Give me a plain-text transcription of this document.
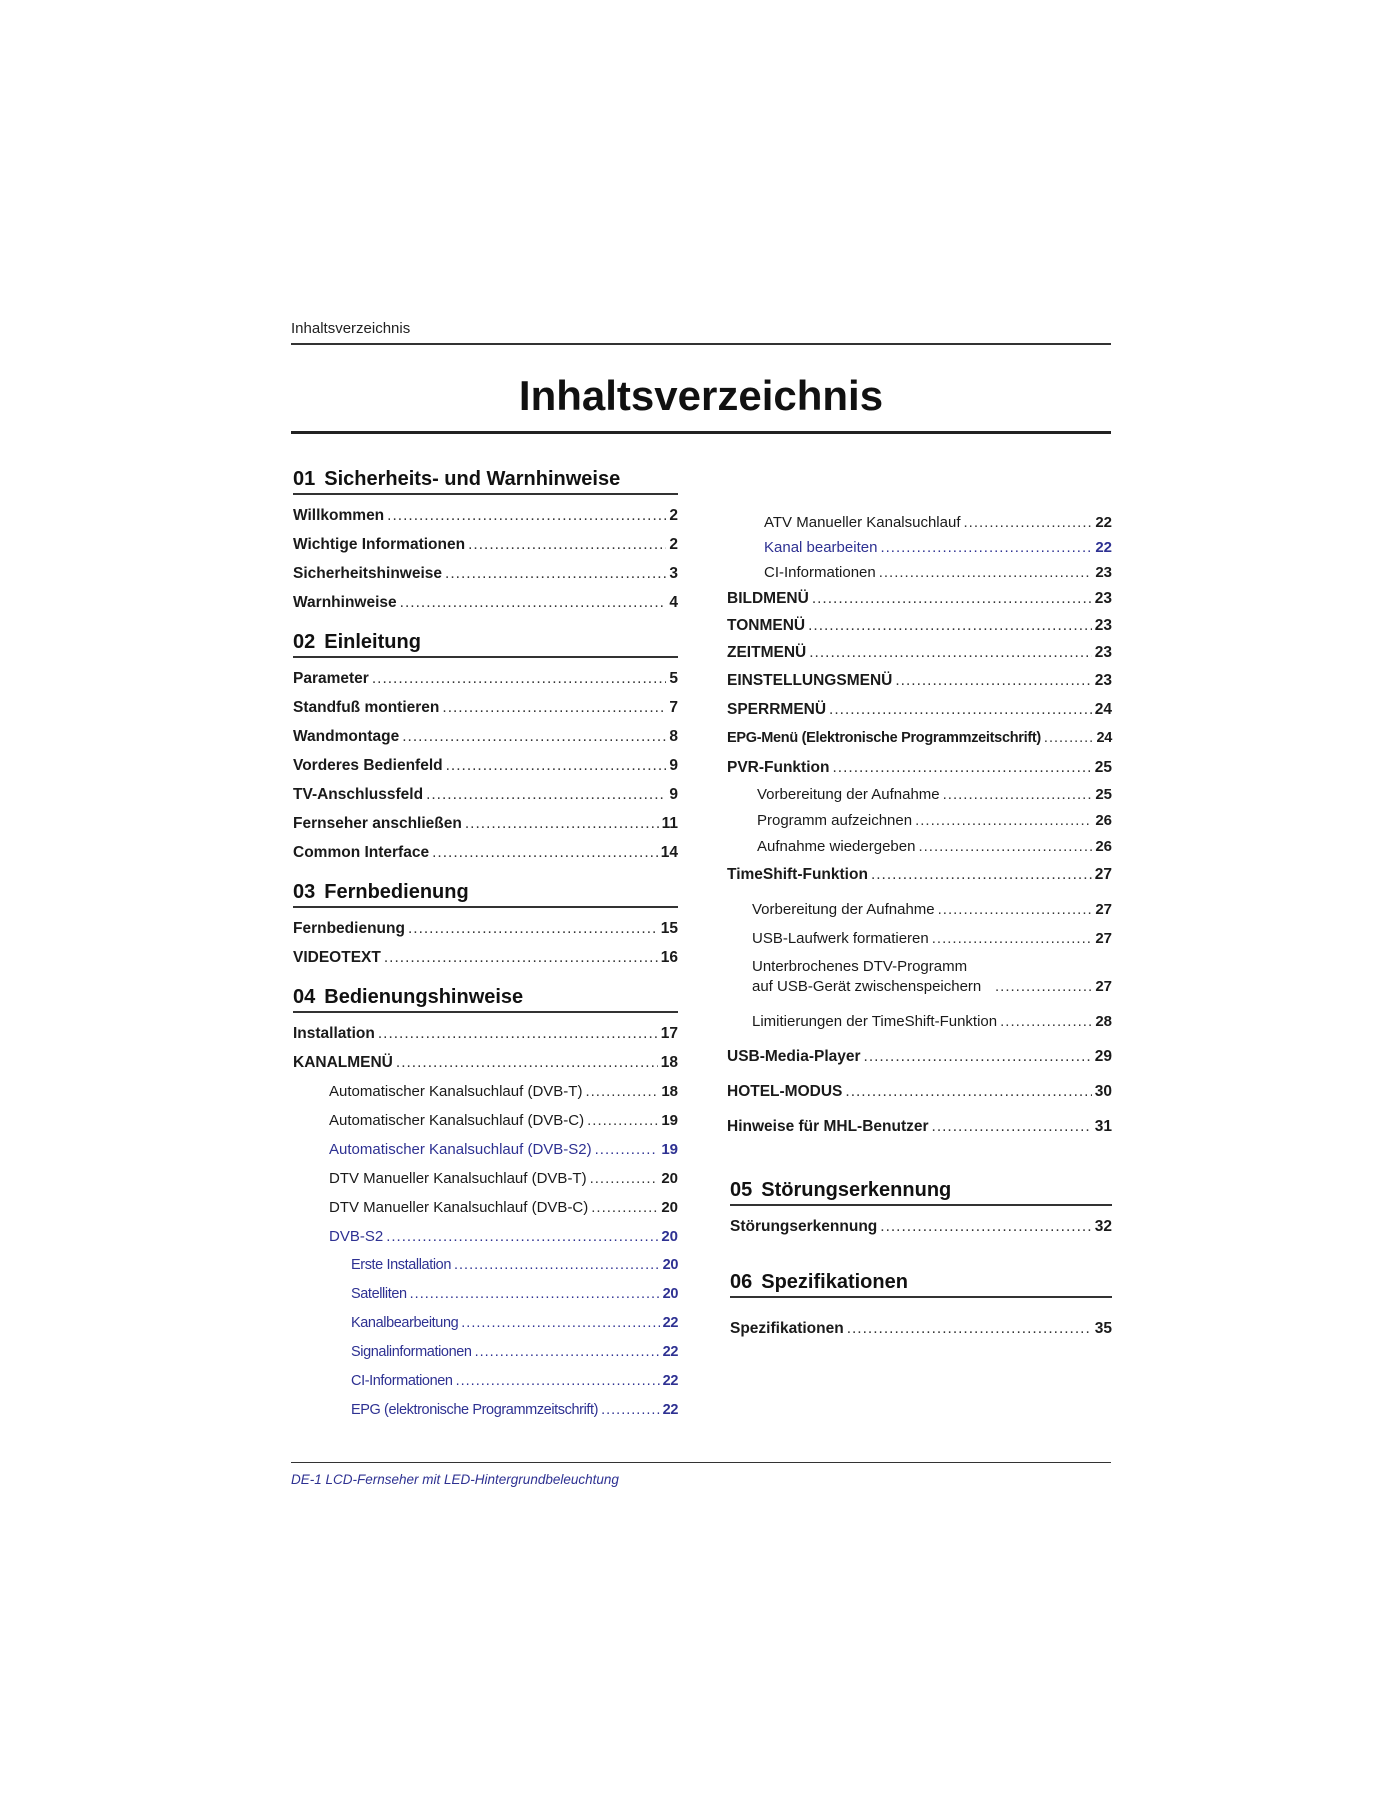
Inhaltsverzeichnis
Inhaltsverzeichnis
01 Sicherheits- und Warnhinweise
Willkommen .....	2
Wichtige Informationen .....	2
Sicherheitshinweise .....	3
Warnhinweise .....	4
02 Einleitung
Parameter .....	5
Standfuß montieren .....	7
Wandmontage .....	8
Vorderes Bedienfeld .....	9
TV-Anschlussfeld .....	9
Fernseher anschließen .....	11
Common Interface .....	14
03 Fernbedienung
Fernbedienung .....	15
VIDEOTEXT .....	16
04 Bedienungshinweise
Installation .....	17
KANALMENÜ .....	18
Automatischer Kanalsuchlauf (DVB-T) .....	18
Automatischer Kanalsuchlauf (DVB-C) .....	19
Automatischer Kanalsuchlauf (DVB-S2) .....	19
DTV Manueller Kanalsuchlauf (DVB-T) .....	20
DTV Manueller Kanalsuchlauf (DVB-C) .....	20
DVB-S2 .....	20
Erste Installation .....	20
Satelliten .....	20
Kanalbearbeitung .....	22
Signalinformationen .....	22
CI-Informationen .....	22
EPG (elektronische Programmzeitschrift) .....	22
ATV Manueller Kanalsuchlauf .....	22
Kanal bearbeiten .....	22
CI-Informationen .....	23
BILDMENÜ .....	23
TONMENÜ .....	23
ZEITMENÜ .....	23
EINSTELLUNGSMENÜ .....	23
SPERRMENÜ .....	24
EPG-Menü (Elektronische Programmzeitschrift) .....	24
PVR-Funktion .....	25
Vorbereitung der Aufnahme .....	25
Programm aufzeichnen .....	26
Aufnahme wiedergeben .....	26
TimeShift-Funktion .....	27
Vorbereitung der Aufnahme .....	27
USB-Laufwerk formatieren .....	27
Unterbrochenes DTV-Programm auf USB-Gerät zwischenspeichern .....	27
Limitierungen der TimeShift-Funktion .....	28
USB-Media-Player .....	29
HOTEL-MODUS .....	30
Hinweise für MHL-Benutzer .....	31
05 Störungserkennung
Störungserkennung .....	32
06 Spezifikationen
Spezifikationen .....	35
DE-1 LCD-Fernseher mit LED-Hintergrundbeleuchtung
